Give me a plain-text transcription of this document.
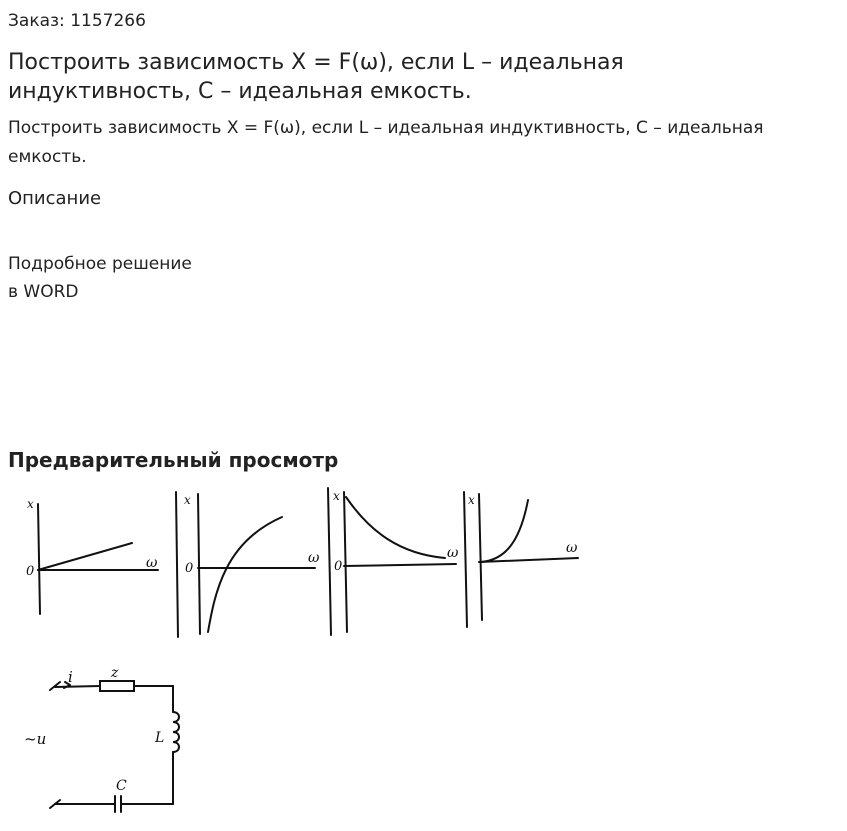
Заказ: 1157266
Построить зависимость X = F(ω), если L – идеальная индуктивность, С – идеальная емкость.
Построить зависимость X = F(ω), если L – идеальная индуктивность, С – идеальная емкость.
Описание
Подробное решение
в WORD
Предварительный просмотр
x
0
ω
x
0
ω
x
0
ω
x
ω
i	z
~u	L
C
